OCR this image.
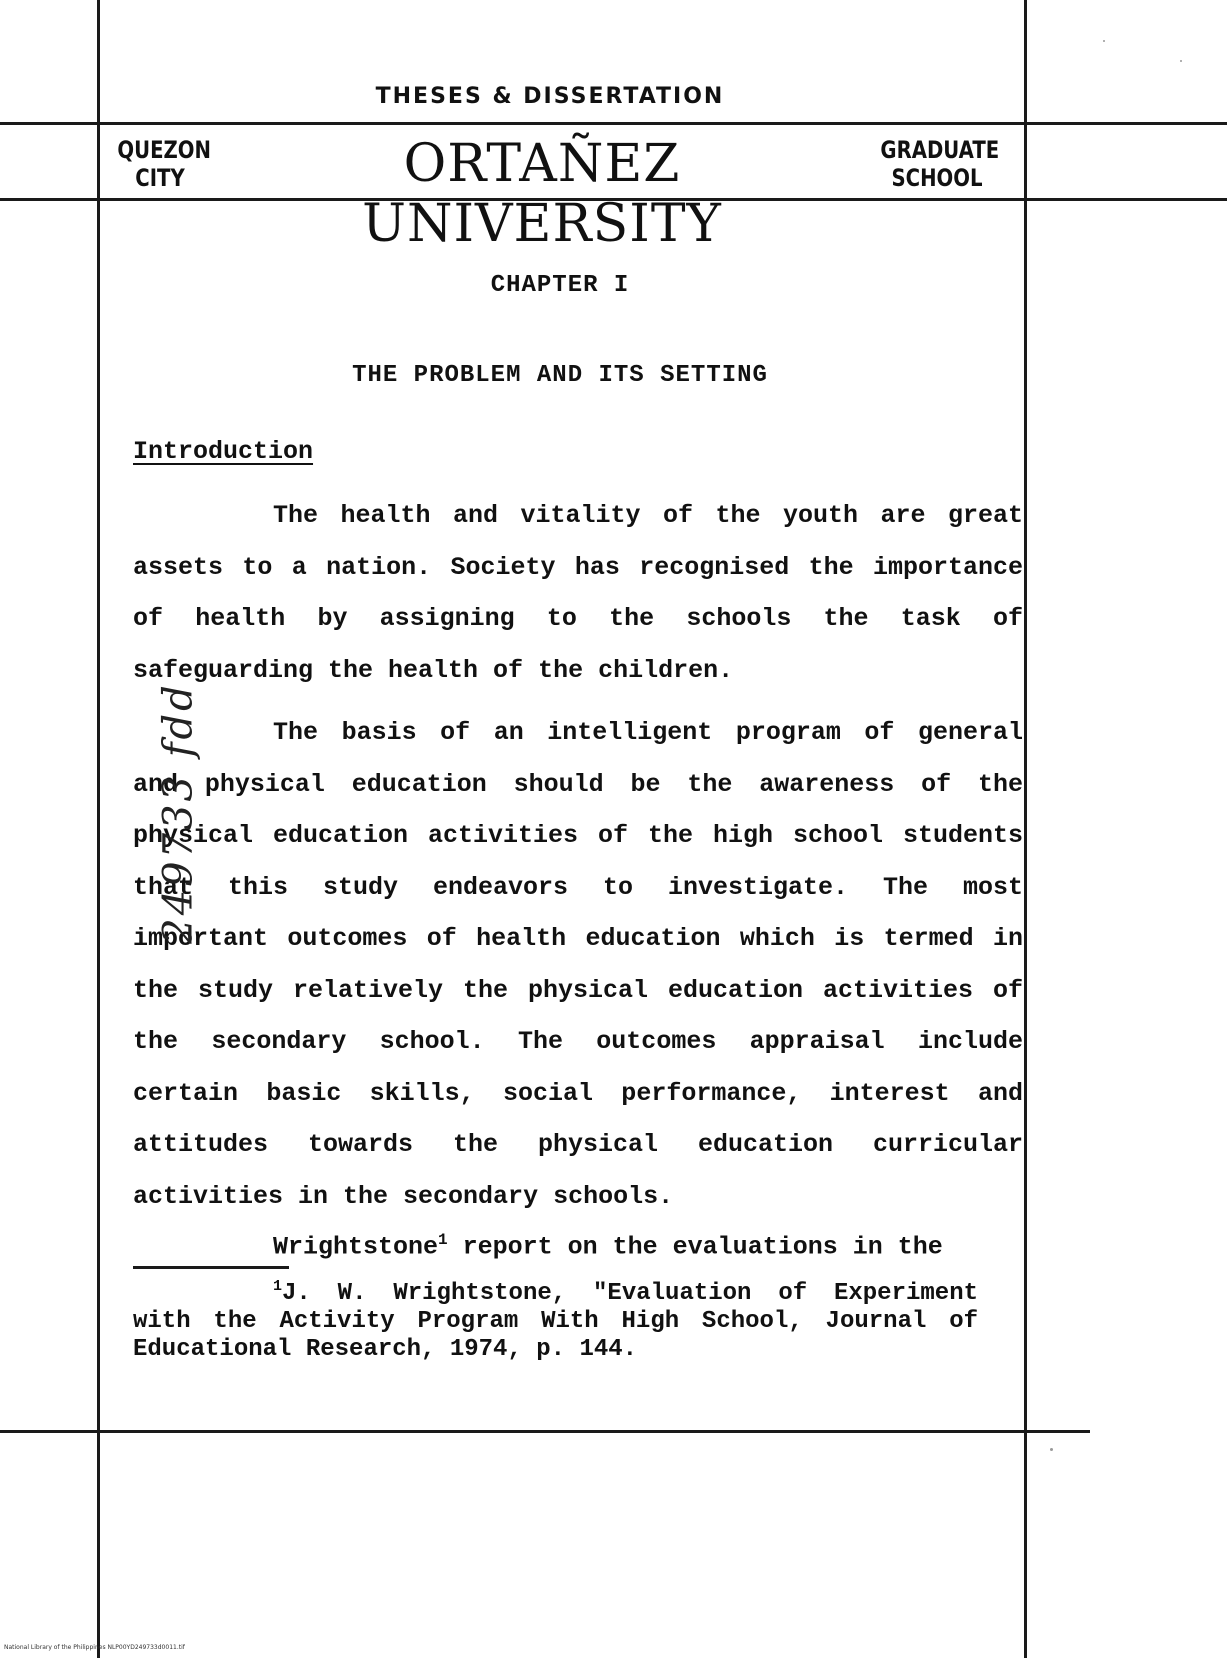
THESES & DISSERTATION
QUEZON
CITY	ORTAÑEZ UNIVERSITY
GRADUATE
SCHOOL
CHAPTER I
THE PROBLEM AND ITS SETTING
Introduction

The health and vitality of the youth are great assets to a nation. Society has recognised the importance of health by assigning to the schools the task of safeguarding the health of the children.

The basis of an intelligent program of general and physical education should be the awareness of the physical education activities of the high school students that this study endeavors to investigate. The most important outcomes of health education which is termed in the study relatively the physical education activities of the secondary school. The outcomes appraisal include certain basic skills, social performance, interest and attitudes towards the physical education curricular activities in the secondary schools.

Wrightstone$^1$ report on the evaluations in the

$^1$J. W. Wrightstone, "Evaluation of Experiment with the Activity Program With High School, Journal of Educational Research, 1974, p. 144.

249733 fdd
National Library of the Philippines NLP00YD249733d0011.tif
